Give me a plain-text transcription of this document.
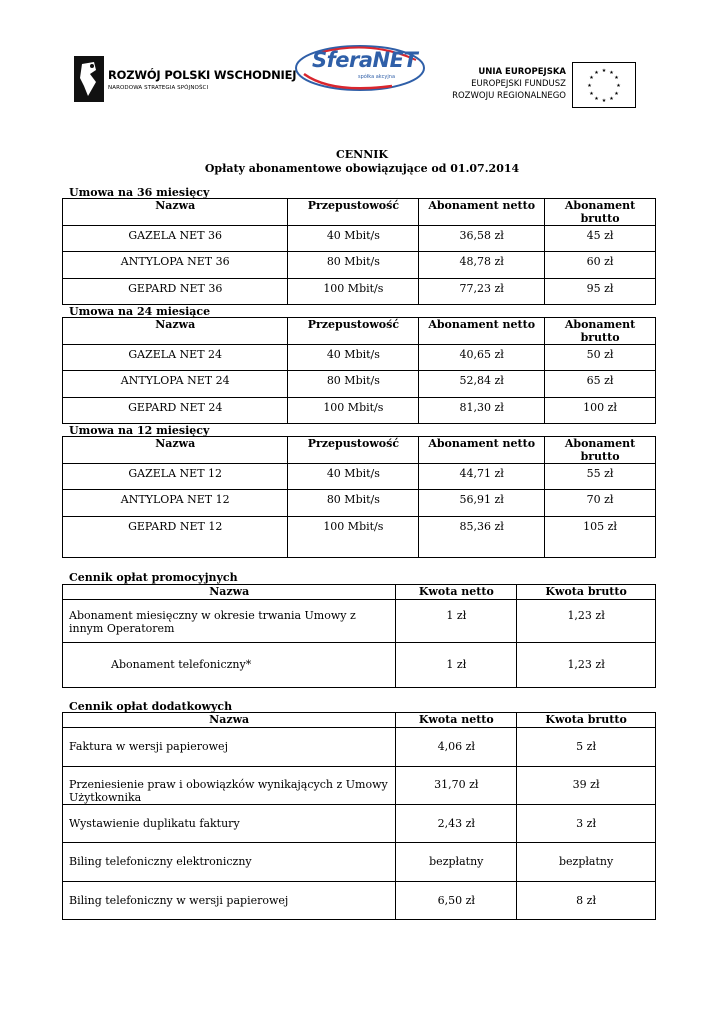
ROZWÓJ POLSKI WSCHODNIEJ
NARODOWA STRATEGIA SPÓJNOŚCI
SferaNET
spółka akcyjna	UNIA EUROPEJSKA
EUROPEJSKI FUNDUSZ
ROZWOJU REGIONALNEGO
★ ★
★
★
★
★
★
★
★
★
★
★
CENNIK
Opłaty abonamentowe obowiązujące od 01.07.2014
Umowa na 36 miesięcy
Nazwa	Przepustowość	Abonament netto	Abonament brutto
GAZELA NET 36	40 Mbit/s	36,58 zł	45 zł
ANTYLOPA NET 36	80 Mbit/s	48,78 zł	60 zł
GEPARD NET 36	100 Mbit/s	77,23 zł	95 zł
Umowa na 24 miesiące
Nazwa	Przepustowość	Abonament netto	Abonament brutto
GAZELA NET 24	40 Mbit/s	40,65 zł	50 zł
ANTYLOPA NET 24	80 Mbit/s	52,84 zł	65 zł
GEPARD NET 24	100 Mbit/s	81,30 zł	100 zł
Umowa na 12 miesięcy
Nazwa	Przepustowość	Abonament netto	Abonament brutto
GAZELA NET 12	40 Mbit/s	44,71 zł	55 zł
ANTYLOPA NET 12	80 Mbit/s	56,91 zł	70 zł
GEPARD NET 12	100 Mbit/s	85,36 zł	105 zł
Cennik opłat promocyjnych
Nazwa	Kwota netto	Kwota brutto
Abonament miesięczny w okresie trwania Umowy z innym Operatorem	1 zł	1,23 zł
Abonament telefoniczny*	1 zł	1,23 zł
Cennik opłat dodatkowych
Nazwa	Kwota netto	Kwota brutto
Faktura w wersji papierowej	4,06 zł	5 zł
Przeniesienie praw i obowiązków wynikających z Umowy Użytkownika	31,70 zł	39 zł
Wystawienie duplikatu faktury	2,43 zł	3 zł
Biling telefoniczny elektroniczny	bezpłatny	bezpłatny
Biling telefoniczny w wersji papierowej	6,50 zł	8 zł
